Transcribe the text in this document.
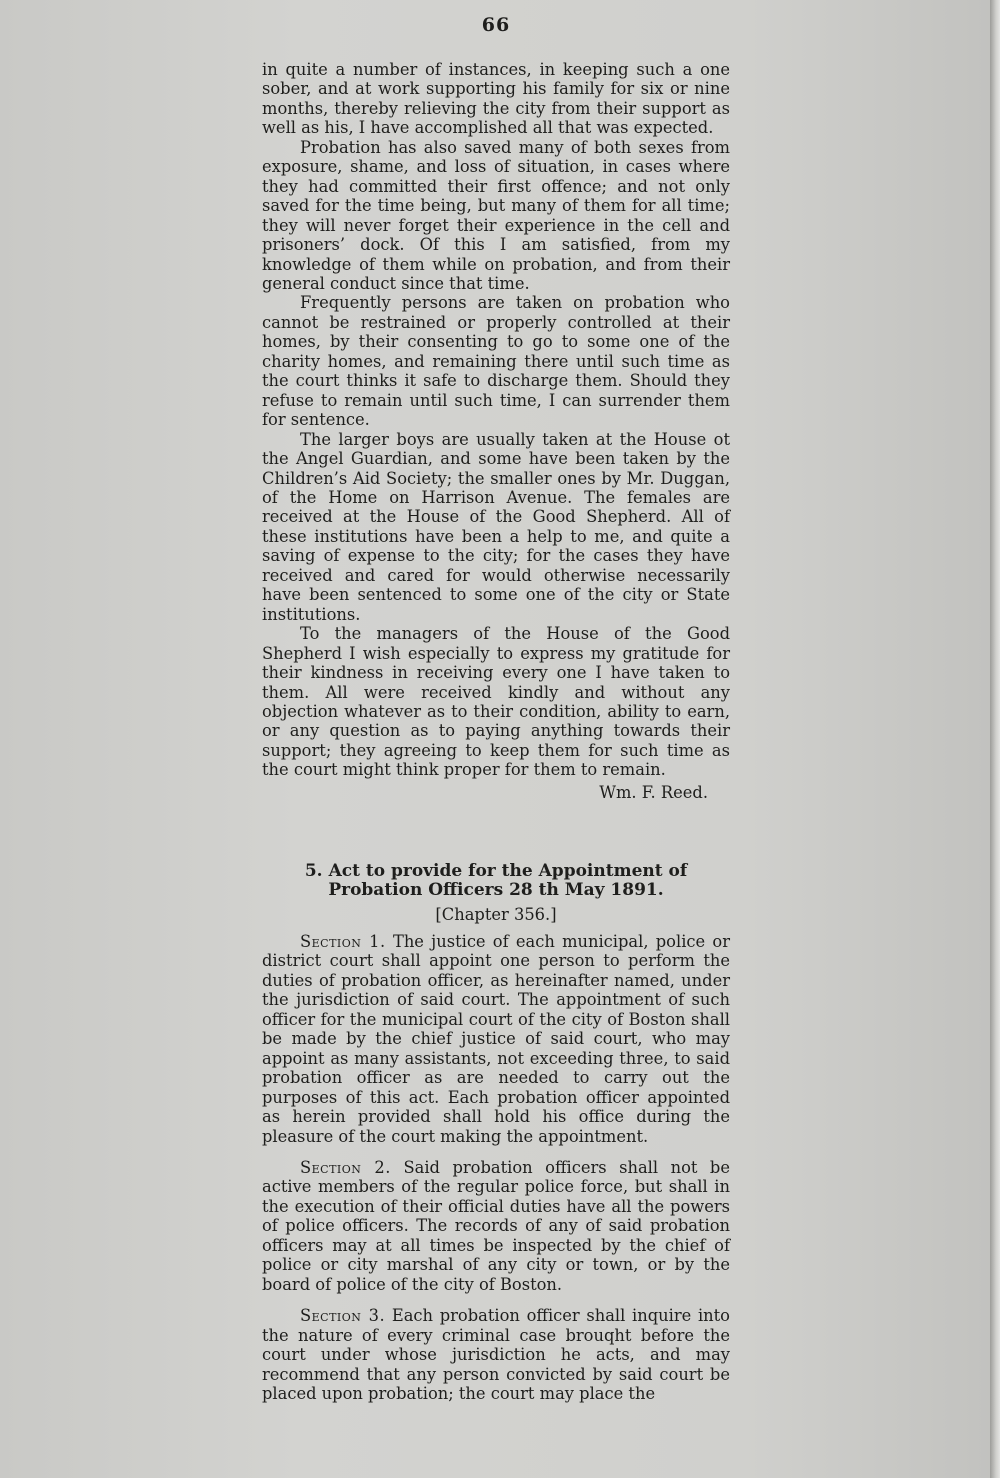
66

in quite a number of instances, in keeping such a one sober, and at work supporting his family for six or nine months, thereby relieving the city from their support as well as his, I have accomplished all that was expected.

Probation has also saved many of both sexes from exposure, shame, and loss of situation, in cases where they had committed their first offence; and not only saved for the time being, but many of them for all time; they will never forget their experience in the cell and prisoners’ dock. Of this I am satisfied, from my knowledge of them while on probation, and from their general conduct since that time.

Frequently persons are taken on probation who cannot be restrained or properly controlled at their homes, by their consenting to go to some one of the charity homes, and remaining there until such time as the court thinks it safe to discharge them. Should they refuse to remain until such time, I can surrender them for sentence.

The larger boys are usually taken at the House ot the Angel Guardian, and some have been taken by the Children’s Aid Society; the smaller ones by Mr. Duggan, of the Home on Harrison Avenue. The females are received at the House of the Good Shepherd. All of these institutions have been a help to me, and quite a saving of expense to the city; for the cases they have received and cared for would otherwise necessarily have been sentenced to some one of the city or State institutions.

To the managers of the House of the Good Shepherd I wish especially to express my gratitude for their kindness in receiving every one I have taken to them. All were received kindly and without any objection whatever as to their condition, ability to earn, or any question as to paying anything towards their support; they agreeing to keep them for such time as the court might think proper for them to remain.

Wm. F. Reed.

5. Act to provide for the Appointment of Probation Officers 28 th May 1891.
[Chapter 356.]

Section 1. The justice of each municipal, police or district court shall appoint one person to perform the duties of probation officer, as hereinafter named, under the jurisdiction of said court. The appointment of such officer for the municipal court of the city of Boston shall be made by the chief justice of said court, who may appoint as many assistants, not exceeding three, to said probation officer as are needed to carry out the purposes of this act. Each probation officer appointed as herein provided shall hold his office during the pleasure of the court making the appointment.

Section 2. Said probation officers shall not be active members of the regular police force, but shall in the execution of their official duties have all the powers of police officers. The records of any of said probation officers may at all times be inspected by the chief of police or city marshal of any city or town, or by the board of police of the city of Boston.

Section 3. Each probation officer shall inquire into the nature of every criminal case brouqht before the court under whose jurisdiction he acts, and may recommend that any person convicted by said court be placed upon probation; the court may place the
